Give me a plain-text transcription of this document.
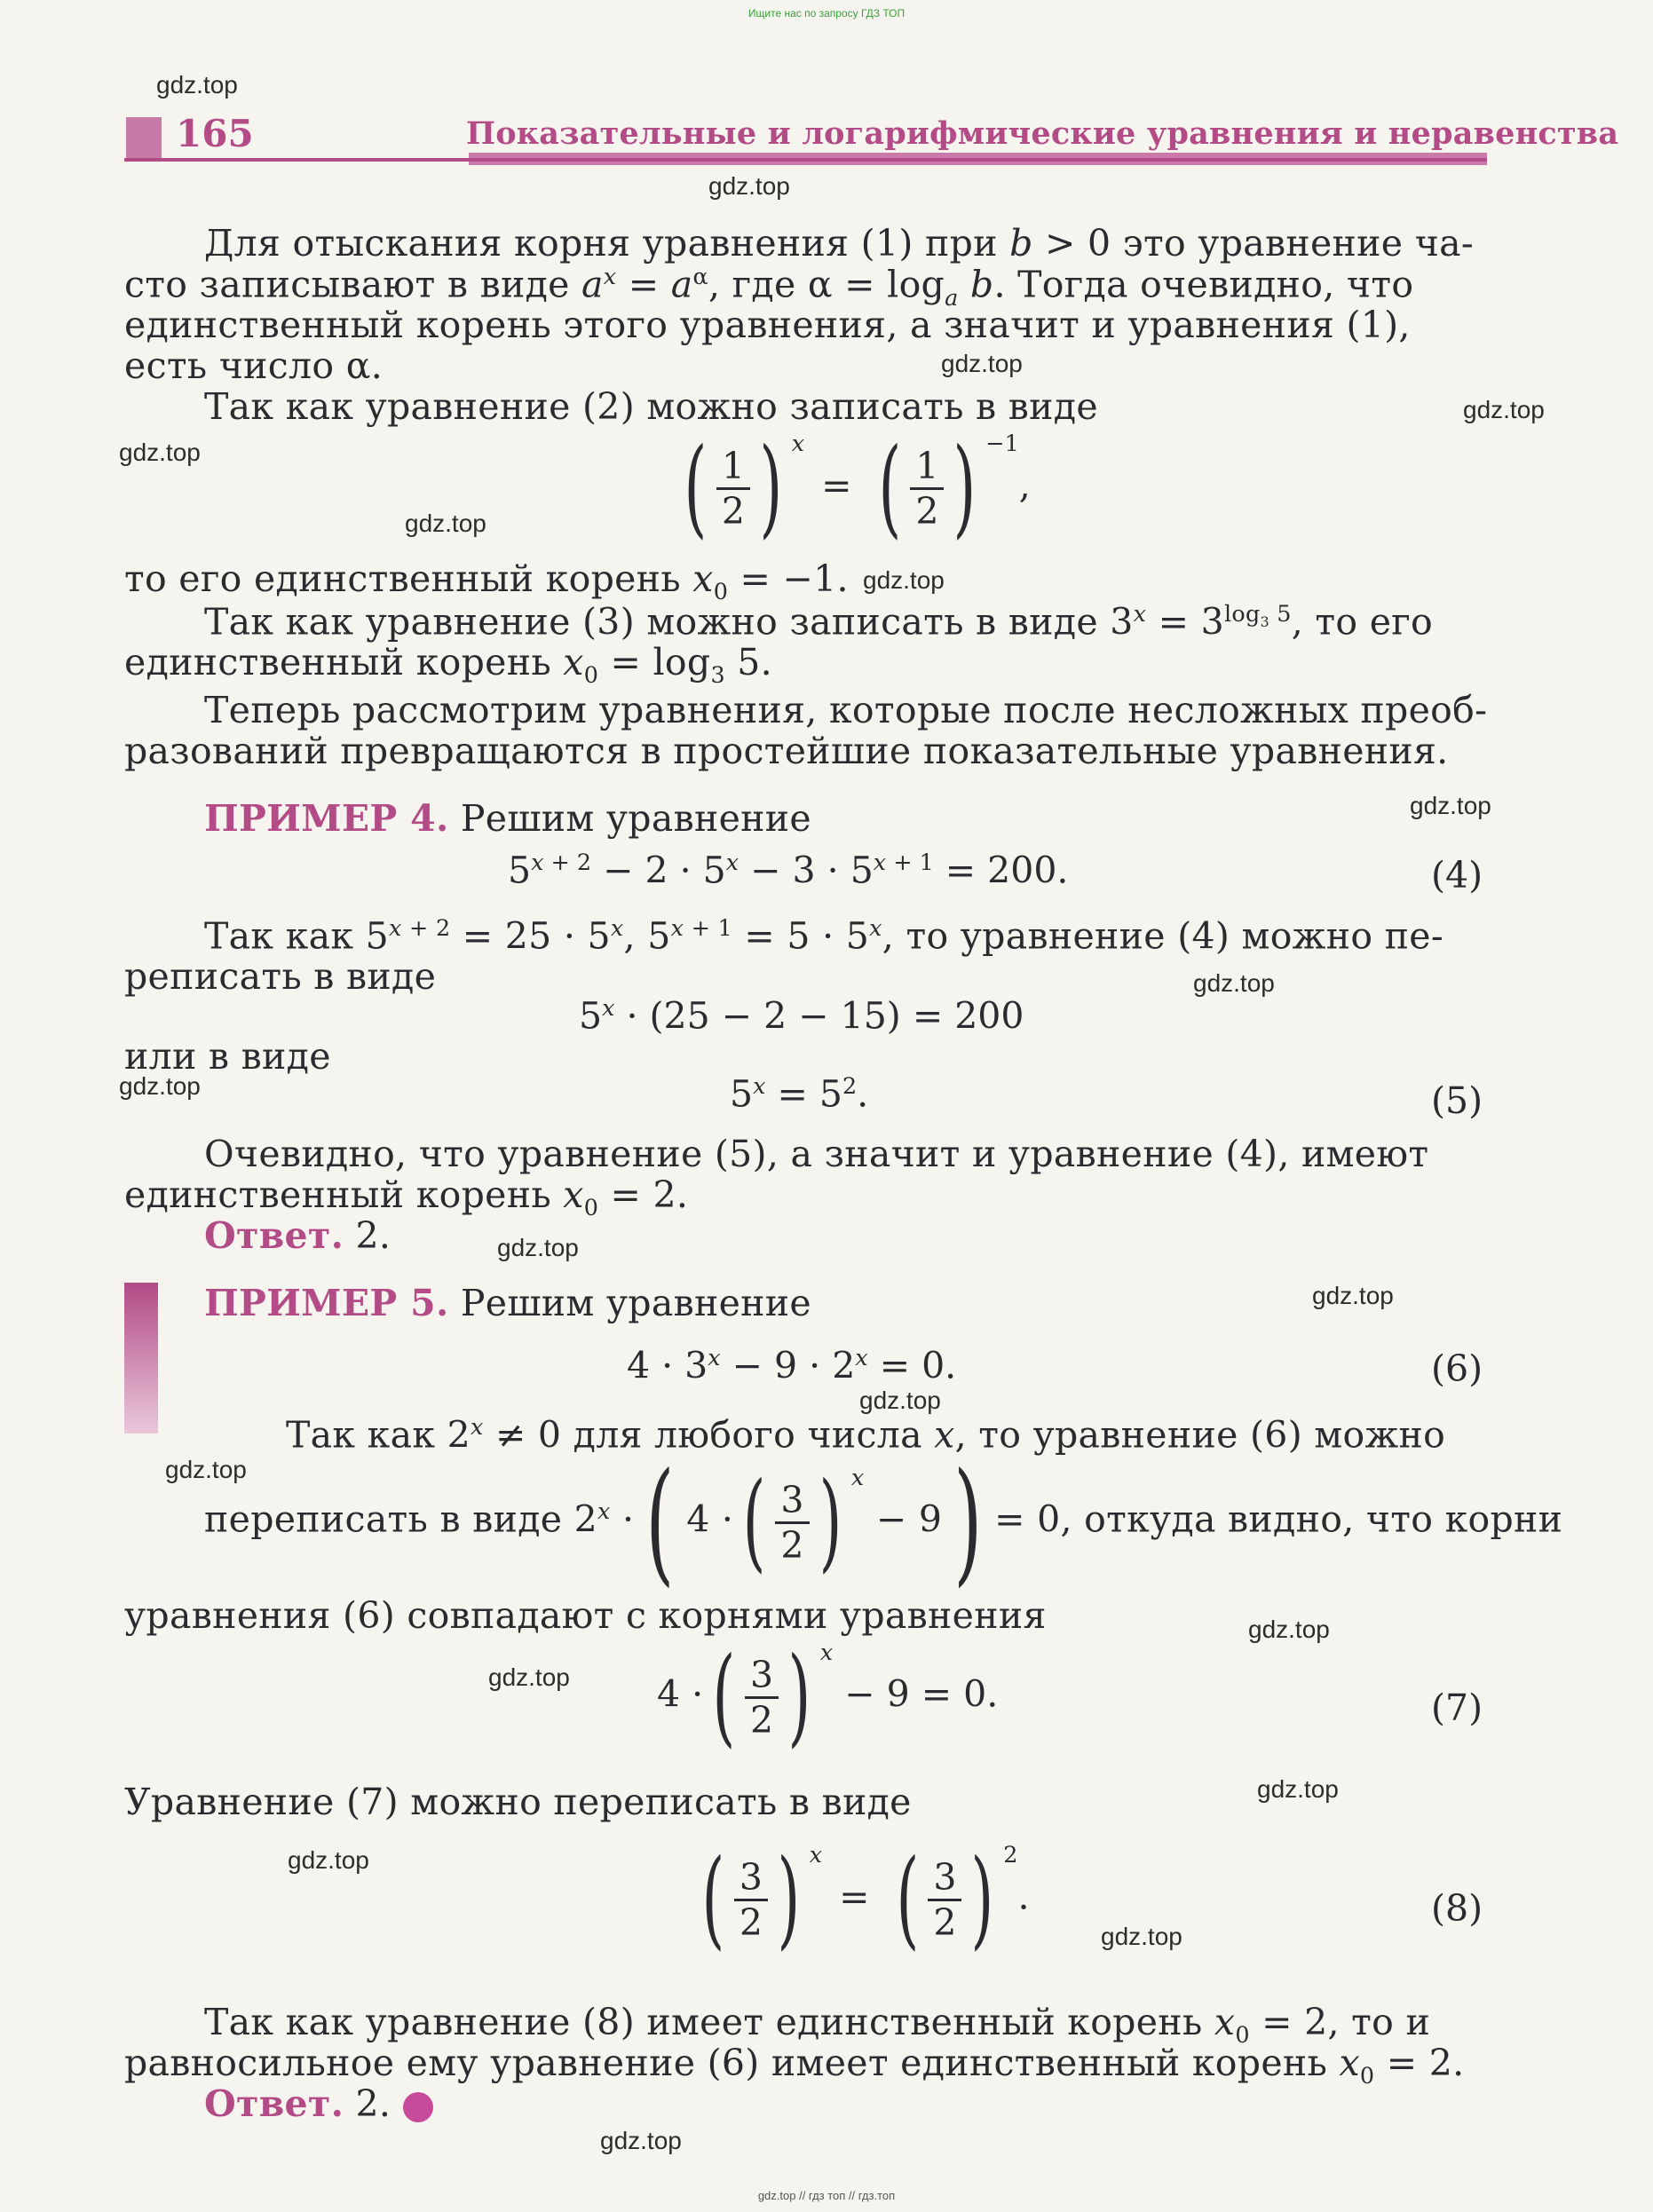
Ищите нас по запросу ГДЗ ТОП
165	Показательные и логарифмические уравнения и неравенства
Для отыскания корня уравнения (1) при b > 0 это уравнение ча-
сто записывают в виде $a^x = a^\alpha$, где $\alpha = \log_a b$. Тогда очевидно, что
единственный корень этого уравнения, а значит и уравнения (1),
есть число α.
Так как уравнение (2) можно записать в виде
( $\frac{1}{2}$ ) $^x$ = ( $\frac{1}{2}$ ) $^{-1}$,
то его единственный корень $x_0 = -1$.
Так как уравнение (3) можно записать в виде $3^x = 3^{log_3 5}$, то его
единственный корень $x_0 = \log_3 5$.
Теперь рассмотрим уравнения, которые после несложных преоб-
разований превращаются в простейшие показательные уравнения.
ПРИМЕР 4. Решим уравнение
$5^{x + 2} - 2 \cdot 5^x - 3 \cdot 5^{x + 1} = 200$.	(4)
Так как $5^{x + 2} = 25 \cdot 5^x$, $5^{x + 1} = 5 \cdot 5^x$, то уравнение (4) можно пе-
реписать в виде
$5^x \cdot (25 - 2 - 15) = 200$
или в виде
$5^x = 5^2$.	(5)
Очевидно, что уравнение (5), а значит и уравнение (4), имеют
единственный корень $x_0 = 2$.
Ответ. 2.
ПРИМЕР 5. Решим уравнение
$4 \cdot 3^x - 9 \cdot 2^x = 0$.	(6)
Так как $2^x \ne 0$ для любого числа x, то уравнение (6) можно
переписать в виде $2^x$ ·( 4 ·( $\frac{3}{2}$ ) $^x$ − 9) = 0, откуда видно, что корни
уравнения (6) совпадают с корнями уравнения
4 ·( $\frac{3}{2}$ ) $^x$ − 9 = 0.	(7)
Уравнение (7) можно переписать в виде
( $\frac{3}{2}$ ) $^x$ = ( $\frac{3}{2}$ ) $^2$.	(8)
Так как уравнение (8) имеет единственный корень $x_0 = 2$, то и
равносильное ему уравнение (6) имеет единственный корень $x_0 = 2$.
Ответ. 2.
gdz.top
gdz.top
gdz.top
gdz.top
gdz.top
gdz.top
gdz.top
gdz.top
gdz.top
gdz.top
gdz.top
gdz.top
gdz.top
gdz.top
gdz.top
gdz.top
gdz.top
gdz.top
gdz.top
gdz.top
gdz.top // гдз топ // гдз.топ
